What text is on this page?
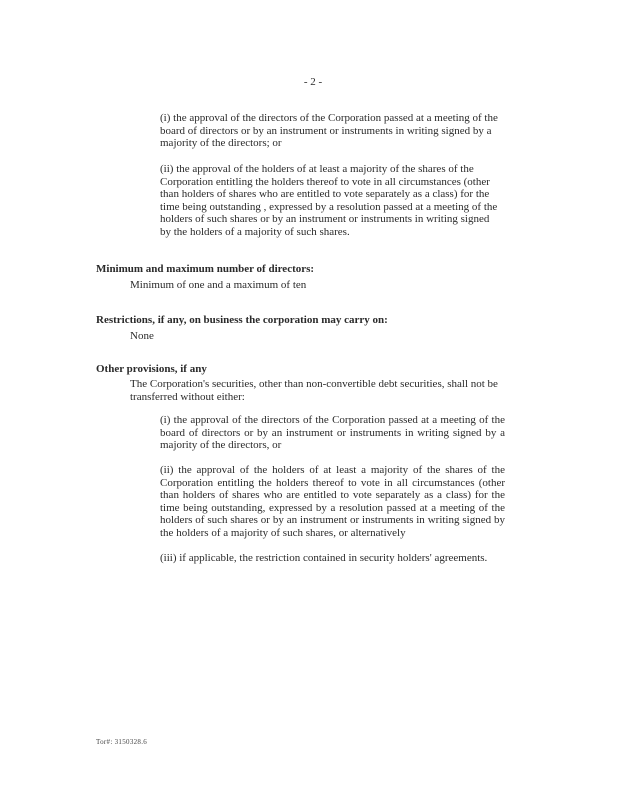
- 2 -

(i) the approval of the directors of the Corporation passed at a meeting of the board of directors or by an instrument or instruments in writing signed by a majority of the directors; or

(ii) the approval of the holders of at least a majority of the shares of the Corporation entitling the holders thereof to vote in all circumstances (other than holders of shares who are entitled to vote separately as a class) for the time being outstanding , expressed by a resolution passed at a meeting of the holders of such shares or by an instrument or instruments in writing signed by the holders of a majority of such shares.

Minimum and maximum number of directors:

Minimum of one and a maximum of ten

Restrictions, if any, on business the corporation may carry on:

None

Other provisions, if any

The Corporation's securities, other than non-convertible debt securities, shall not be transferred without either:

(i) the approval of the directors of the Corporation passed at a meeting of the board of directors or by an instrument or instruments in writing signed by a majority of the directors, or

(ii) the approval of the holders of at least a majority of the shares of the Corporation entitling the holders thereof to vote in all circumstances (other than holders of shares who are entitled to vote separately as a class) for the time being outstanding, expressed by a resolution passed at a meeting of the holders of such shares or by an instrument or instruments in writing signed by the holders of a majority of such shares, or alternatively

(iii) if applicable, the restriction contained in security holders' agreements.

Tor#: 3150328.6
